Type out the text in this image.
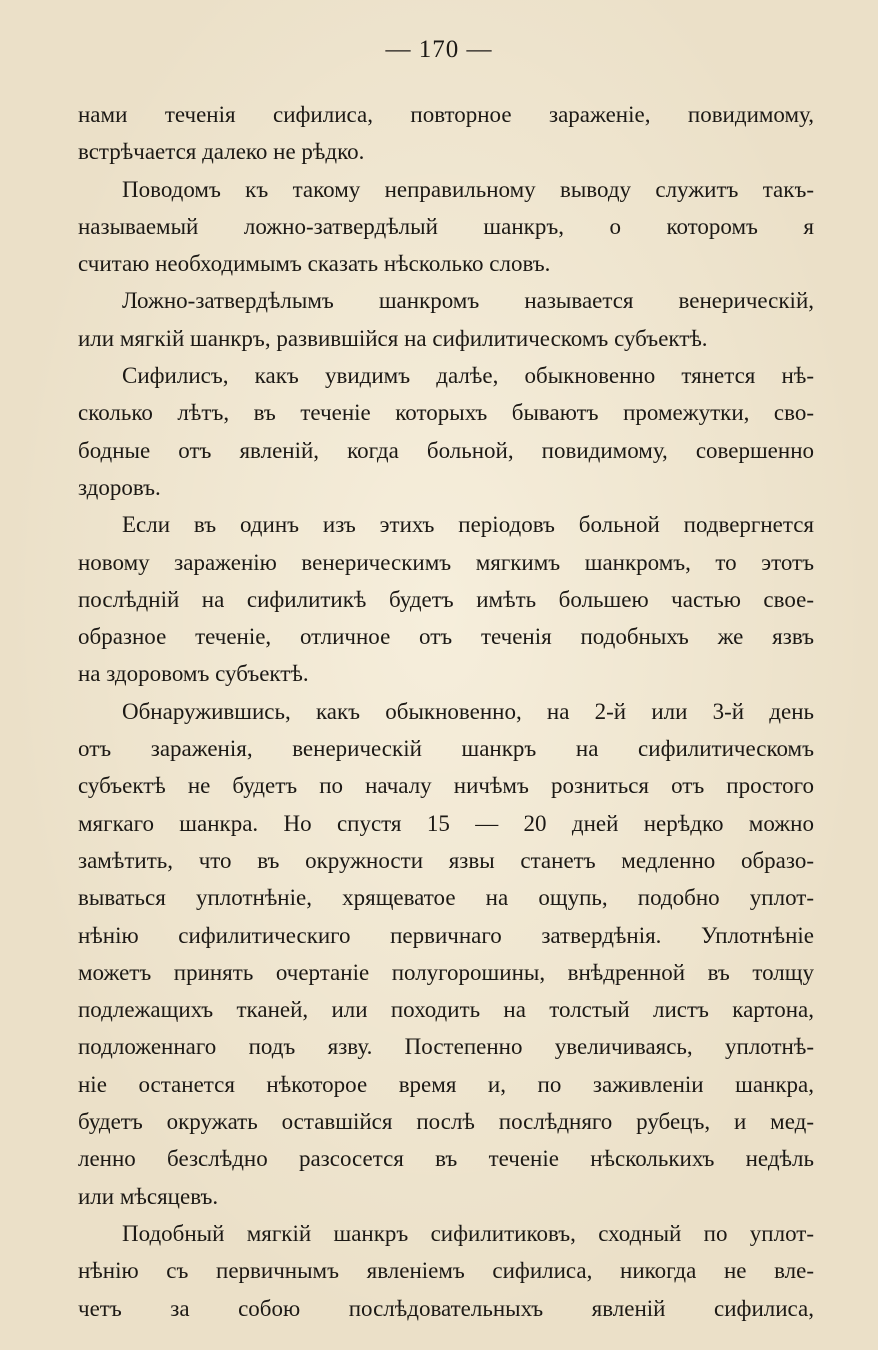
— 170 —

нами теченія сифилиса, повторное зараженіе, повидимому,
встрѣчается далеко не рѣдко.

Поводомъ къ такому неправильному выводу служитъ такъ-
называемый ложно-затвердѣлый шанкръ, о которомъ я
считаю необходимымъ сказать нѣсколько словъ.

Ложно-затвердѣлымъ шанкромъ называется венерическій,
или мягкій шанкръ, развившійся на сифилитическомъ субъектѣ.

Сифилисъ, какъ увидимъ далѣе, обыкновенно тянется нѣ-
сколько лѣтъ, въ теченіе которыхъ бываютъ промежутки, сво-
бодные отъ явленій, когда больной, повидимому, совершенно
здоровъ.

Если въ одинъ изъ этихъ періодовъ больной подвергнется
новому зараженію венерическимъ мягкимъ шанкромъ, то этотъ
послѣдній на сифилитикѣ будетъ имѣть большею частью свое-
образное теченіе, отличное отъ теченія подобныхъ же язвъ
на здоровомъ субъектѣ.

Обнаружившись, какъ обыкновенно, на 2-й или 3-й день
отъ зараженія, венерическій шанкръ на сифилитическомъ
субъектѣ не будетъ по началу ничѣмъ розниться отъ простого
мягкаго шанкра. Но спустя 15 — 20 дней нерѣдко можно
замѣтить, что въ окружности язвы станетъ медленно образо-
вываться уплотнѣніе, хрящеватое на ощупь, подобно уплот-
нѣнію сифилитическиго первичнаго затвердѣнія. Уплотнѣніе
можетъ принять очертаніе полугорошины, внѣдренной въ толщу
подлежащихъ тканей, или походить на толстый листъ картона,
подложеннаго подъ язву. Постепенно увеличиваясь, уплотнѣ-
ніе останется нѣкоторое время и, по заживленіи шанкра,
будетъ окружать оставшійся послѣ послѣдняго рубецъ, и мед-
ленно безслѣдно разсосется въ теченіе нѣсколькихъ недѣль
или мѣсяцевъ.

Подобный мягкій шанкръ сифилитиковъ, сходный по уплот-
нѣнію съ первичнымъ явленіемъ сифилиса, никогда не вле-
четъ за собою послѣдовательныхъ явленій сифилиса,
